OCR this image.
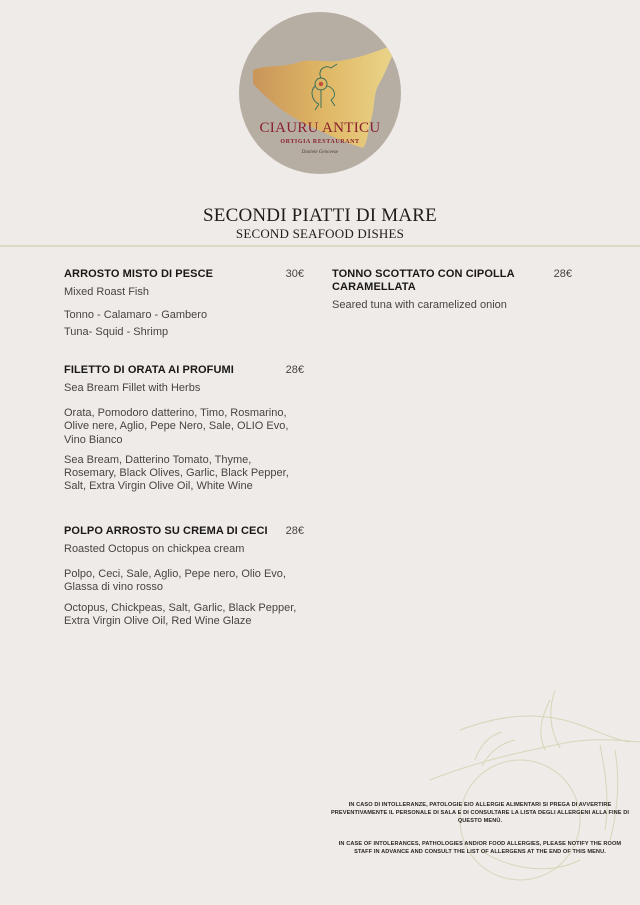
CIAURU ANTICU
ORTIGIA RESTAURANT
Daniele Genovese
SECONDI PIATTI DI MARE
SECOND SEAFOOD DISHES
ARROSTO MISTO DI PESCE	30€
Mixed Roast Fish
Tonno - Calamaro - Gambero
Tuna- Squid - Shrimp
FILETTO DI ORATA AI PROFUMI	28€
Sea Bream Fillet with Herbs
Orata, Pomodoro datterino, Timo, Rosmarino, Olive nere, Aglio, Pepe Nero, Sale, OLIO Evo, Vino Bianco
Sea Bream, Datterino Tomato, Thyme, Rosemary, Black Olives, Garlic, Black Pepper, Salt, Extra Virgin Olive Oil, White Wine
POLPO ARROSTO SU CREMA DI CECI 28€
Roasted Octopus on chickpea cream
Polpo, Ceci, Sale, Aglio, Pepe nero, Olio Evo, Glassa di vino rosso
Octopus, Chickpeas, Salt, Garlic, Black Pepper, Extra Virgin Olive Oil, Red Wine Glaze
TONNO SCOTTATO CON CIPOLLA CARAMELLATA
28€
Seared tuna with caramelized onion
IN CASO DI INTOLLERANZE, PATOLOGIE E/O ALLERGIE ALIMENTARI SI PREGA DI AVVERTIRE PREVENTIVAMENTE IL PERSONALE DI SALA E DI CONSULTARE LA LISTA DEGLI ALLERGENI ALLA FINE DI QUESTO MENÙ.
IN CASE OF INTOLERANCES, PATHOLOGIES AND/OR FOOD ALLERGIES, PLEASE NOTIFY THE ROOM STAFF IN ADVANCE AND CONSULT THE LIST OF ALLERGENS AT THE END OF THIS MENU.
